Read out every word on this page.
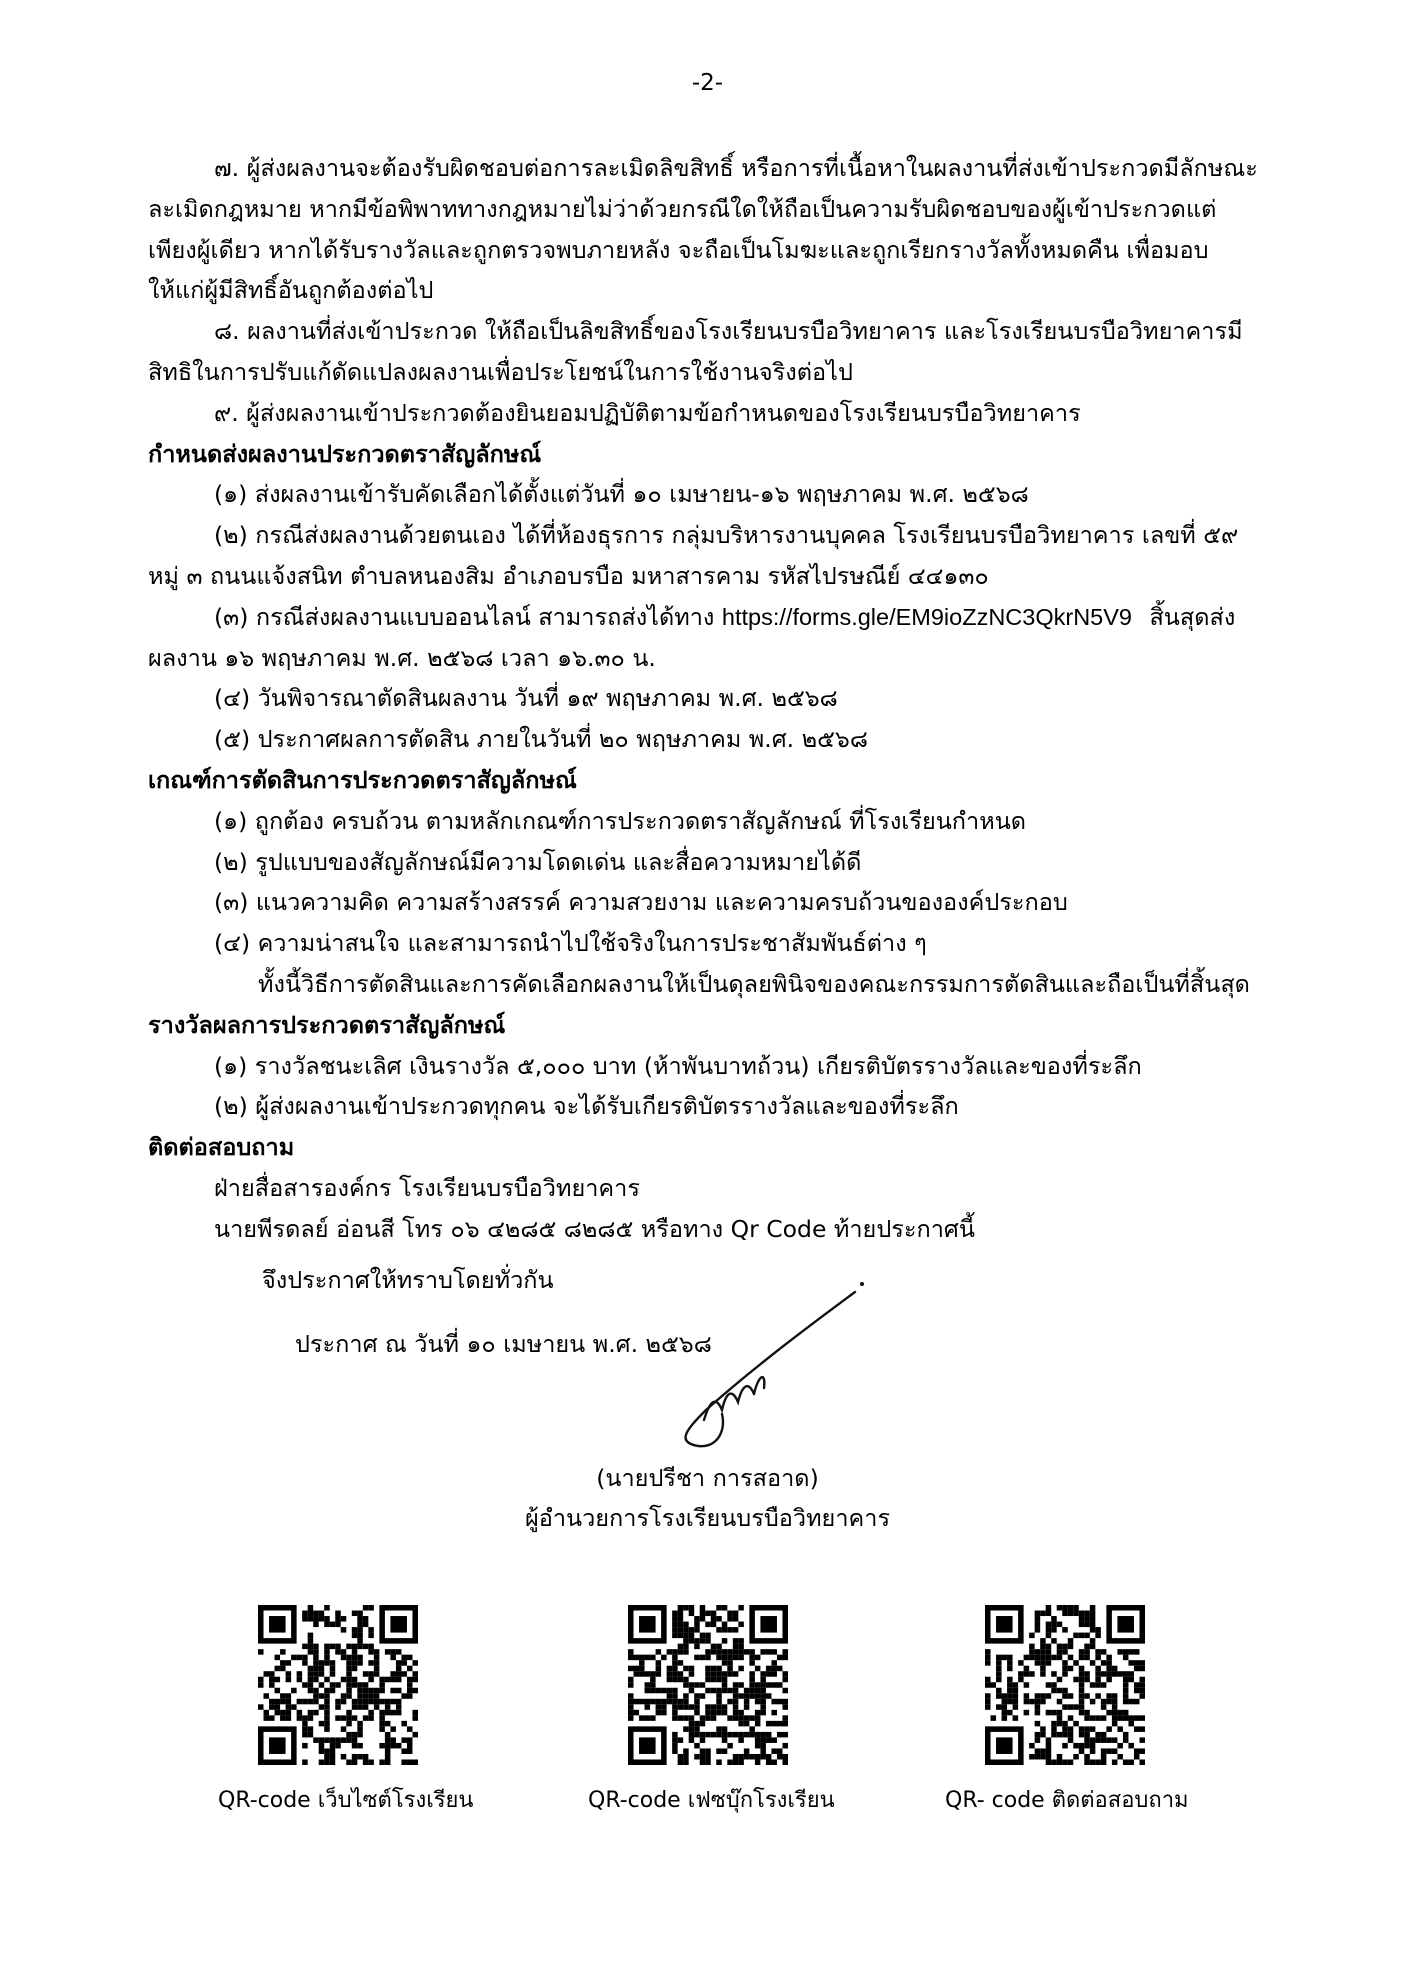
-2-
๗. ผู้ส่งผลงานจะต้องรับผิดชอบต่อการละเมิดลิขสิทธิ์ หรือการที่เนื้อหาในผลงานที่ส่งเข้าประกวดมีลักษณะ
ละเมิดกฎหมาย หากมีข้อพิพาททางกฎหมายไม่ว่าด้วยกรณีใดให้ถือเป็นความรับผิดชอบของผู้เข้าประกวดแต่
เพียงผู้เดียว หากได้รับรางวัลและถูกตรวจพบภายหลัง จะถือเป็นโมฆะและถูกเรียกรางวัลทั้งหมดคืน เพื่อมอบ
ให้แก่ผู้มีสิทธิ์อันถูกต้องต่อไป
๘. ผลงานที่ส่งเข้าประกวด ให้ถือเป็นลิขสิทธิ์ของโรงเรียนบรบือวิทยาคาร และโรงเรียนบรบือวิทยาคารมี
สิทธิในการปรับแก้ดัดแปลงผลงานเพื่อประโยชน์ในการใช้งานจริงต่อไป
๙. ผู้ส่งผลงานเข้าประกวดต้องยินยอมปฏิบัติตามข้อกำหนดของโรงเรียนบรบือวิทยาคาร
กำหนดส่งผลงานประกวดตราสัญลักษณ์
(๑) ส่งผลงานเข้ารับคัดเลือกได้ตั้งแต่วันที่ ๑๐ เมษายน-๑๖ พฤษภาคม พ.ศ. ๒๕๖๘
(๒) กรณีส่งผลงานด้วยตนเอง ได้ที่ห้องธุรการ กลุ่มบริหารงานบุคคล โรงเรียนบรบือวิทยาคาร เลขที่ ๕๙
หมู่ ๓ ถนนแจ้งสนิท ตำบลหนองสิม อำเภอบรบือ มหาสารคาม รหัสไปรษณีย์ ๔๔๑๓๐
(๓) กรณีส่งผลงานแบบออนไลน์ สามารถส่งได้ทาง https://forms.gle/EM9ioZzNC3QkrN5V9 สิ้นสุดส่ง
ผลงาน ๑๖ พฤษภาคม พ.ศ. ๒๕๖๘ เวลา ๑๖.๓๐ น.
(๔) วันพิจารณาตัดสินผลงาน วันที่ ๑๙ พฤษภาคม พ.ศ. ๒๕๖๘
(๕) ประกาศผลการตัดสิน ภายในวันที่ ๒๐ พฤษภาคม พ.ศ. ๒๕๖๘
เกณฑ์การตัดสินการประกวดตราสัญลักษณ์
(๑) ถูกต้อง ครบถ้วน ตามหลักเกณฑ์การประกวดตราสัญลักษณ์ ที่โรงเรียนกำหนด
(๒) รูปแบบของสัญลักษณ์มีความโดดเด่น และสื่อความหมายได้ดี
(๓) แนวความคิด ความสร้างสรรค์ ความสวยงาม และความครบถ้วนขององค์ประกอบ
(๔) ความน่าสนใจ และสามารถนำไปใช้จริงในการประชาสัมพันธ์ต่าง ๆ
ทั้งนี้วิธีการตัดสินและการคัดเลือกผลงานให้เป็นดุลยพินิจของคณะกรรมการตัดสินและถือเป็นที่สิ้นสุด
รางวัลผลการประกวดตราสัญลักษณ์
(๑) รางวัลชนะเลิศ เงินรางวัล ๕,๐๐๐ บาท (ห้าพันบาทถ้วน) เกียรติบัตรรางวัลและของที่ระลึก
(๒) ผู้ส่งผลงานเข้าประกวดทุกคน จะได้รับเกียรติบัตรรางวัลและของที่ระลึก
ติดต่อสอบถาม
ฝ่ายสื่อสารองค์กร โรงเรียนบรบือวิทยาคาร
นายพีรดลย์ อ่อนสี โทร ๐๖ ๔๒๘๕ ๘๒๘๕ หรือทาง Qr Code ท้ายประกาศนี้
จึงประกาศให้ทราบโดยทั่วกัน
ประกาศ ณ วันที่ ๑๐ เมษายน พ.ศ. ๒๕๖๘
(นายปรีชา การสอาด)
ผู้อำนวยการโรงเรียนบรบือวิทยาคาร
QR-code เว็บไซต์โรงเรียน	QR-code เฟซบุ๊กโรงเรียน	QR- code ติดต่อสอบถาม
